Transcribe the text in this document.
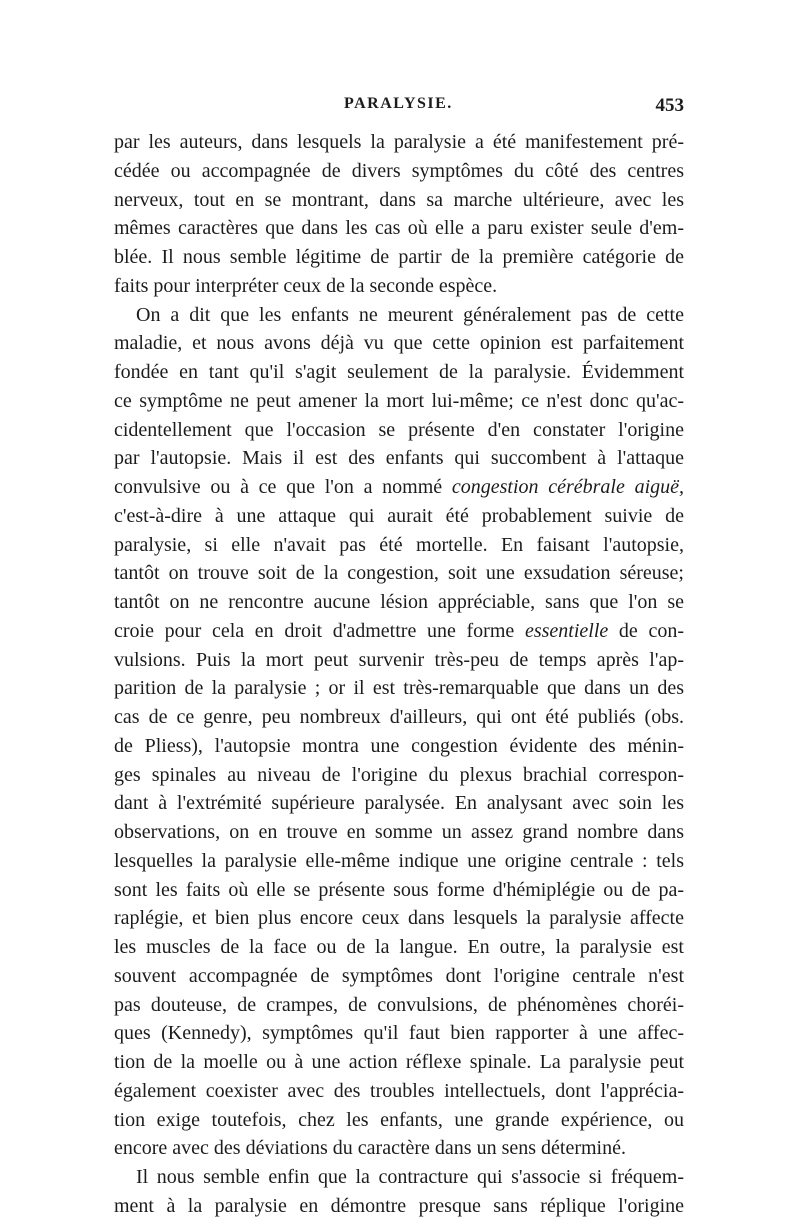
PARALYSIE.	453
par les auteurs, dans lesquels la paralysie a été manifestement pré-
cédée ou accompagnée de divers symptômes du côté des centres
nerveux, tout en se montrant, dans sa marche ultérieure, avec les
mêmes caractères que dans les cas où elle a paru exister seule d'em-
blée. Il nous semble légitime de partir de la première catégorie de
faits pour interpréter ceux de la seconde espèce.
On a dit que les enfants ne meurent généralement pas de cette
maladie, et nous avons déjà vu que cette opinion est parfaitement
fondée en tant qu'il s'agit seulement de la paralysie. Évidemment
ce symptôme ne peut amener la mort lui-même; ce n'est donc qu'ac-
cidentellement que l'occasion se présente d'en constater l'origine
par l'autopsie. Mais il est des enfants qui succombent à l'attaque
convulsive ou à ce que l'on a nommé congestion cérébrale aiguë,
c'est-à-dire à une attaque qui aurait été probablement suivie de
paralysie, si elle n'avait pas été mortelle. En faisant l'autopsie,
tantôt on trouve soit de la congestion, soit une exsudation séreuse;
tantôt on ne rencontre aucune lésion appréciable, sans que l'on se
croie pour cela en droit d'admettre une forme essentielle de con-
vulsions. Puis la mort peut survenir très-peu de temps après l'ap-
parition de la paralysie ; or il est très-remarquable que dans un des
cas de ce genre, peu nombreux d'ailleurs, qui ont été publiés (obs.
de Pliess), l'autopsie montra une congestion évidente des ménin-
ges spinales au niveau de l'origine du plexus brachial correspon-
dant à l'extrémité supérieure paralysée. En analysant avec soin les
observations, on en trouve en somme un assez grand nombre dans
lesquelles la paralysie elle-même indique une origine centrale : tels
sont les faits où elle se présente sous forme d'hémiplégie ou de pa-
raplégie, et bien plus encore ceux dans lesquels la paralysie affecte
les muscles de la face ou de la langue. En outre, la paralysie est
souvent accompagnée de symptômes dont l'origine centrale n'est
pas douteuse, de crampes, de convulsions, de phénomènes choréi-
ques (Kennedy), symptômes qu'il faut bien rapporter à une affec-
tion de la moelle ou à une action réflexe spinale. La paralysie peut
également coexister avec des troubles intellectuels, dont l'apprécia-
tion exige toutefois, chez les enfants, une grande expérience, ou
encore avec des déviations du caractère dans un sens déterminé.
Il nous semble enfin que la contracture qui s'associe si fréquem-
ment à la paralysie en démontre presque sans réplique l'origine
